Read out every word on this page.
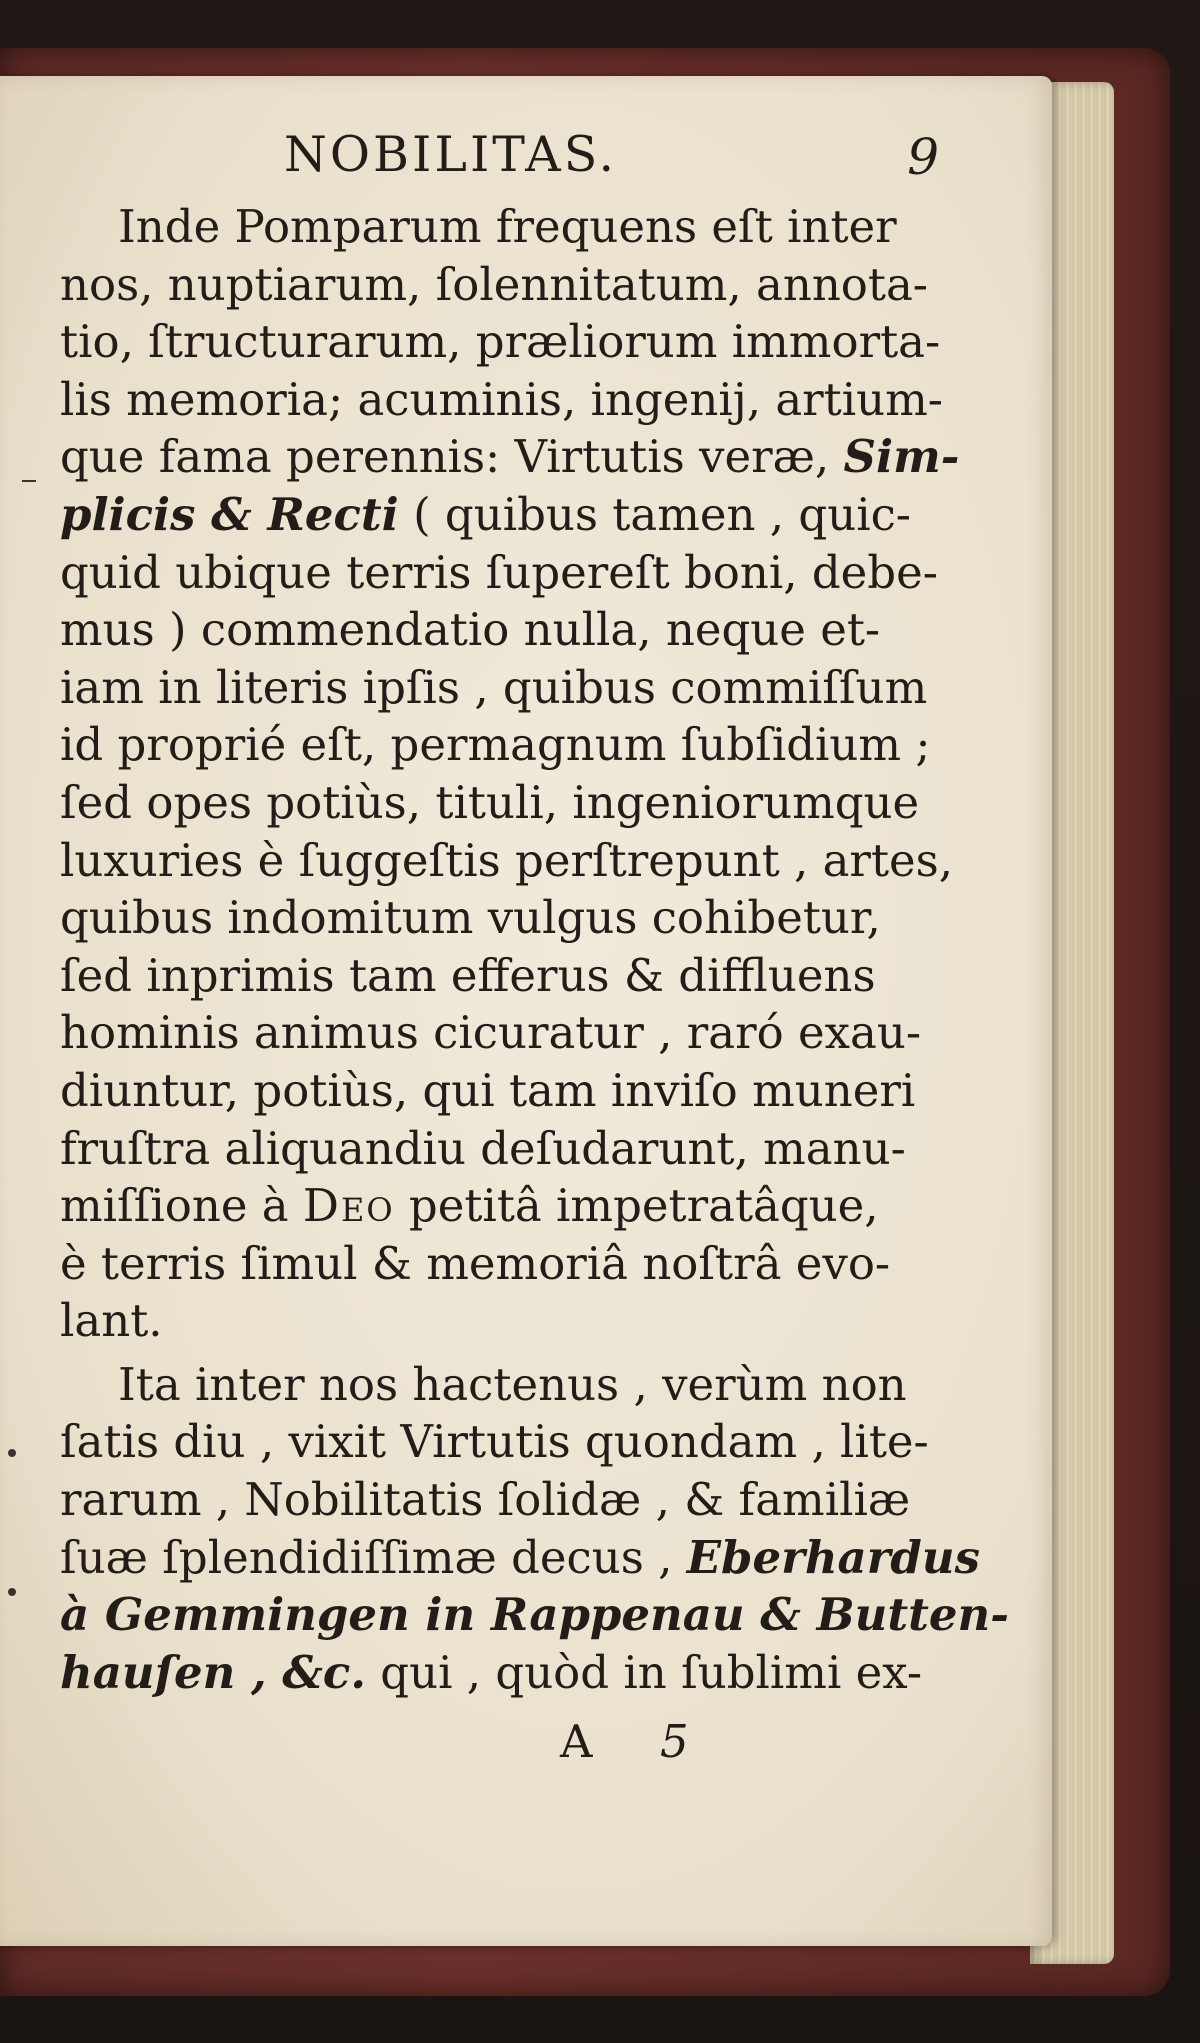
NOBILITAS.	9

Inde Pomparum frequens eſt inter
nos, nuptiarum, ſolennitatum, annota-
tio, ſtructurarum, præliorum immorta-
lis memoria; acuminis, ingenij, artium-
que fama perennis: Virtutis veræ, Sim-
plicis & Recti ( quibus tamen , quic-
quid ubique terris ſupereſt boni, debe-
mus ) commendatio nulla, neque et-
iam in literis ipſis , quibus commiſſum
id proprié eſt, permagnum ſubſidium ;
ſed opes potiùs, tituli, ingeniorumque
luxuries è ſuggeſtis perſtrepunt , artes,
quibus indomitum vulgus cohibetur,
ſed inprimis tam efferus & diffluens
hominis animus cicuratur , raró exau-
diuntur, potiùs, qui tam inviſo muneri
fruſtra aliquandiu deſudarunt, manu-
miſſione à Deo petitâ impetratâque,
è terris ſimul & memoriâ noſtrâ evo-
lant.

Ita inter nos hactenus , verùm non
ſatis diu , vixit Virtutis quondam , lite-
rarum , Nobilitatis ſolidæ , & familiæ
ſuæ ſplendidiſſimæ decus , Eberhardus
à Gemmingen in Rappenau & Butten-
hauſen , &c. qui , quòd in ſublimi ex-

A 5
